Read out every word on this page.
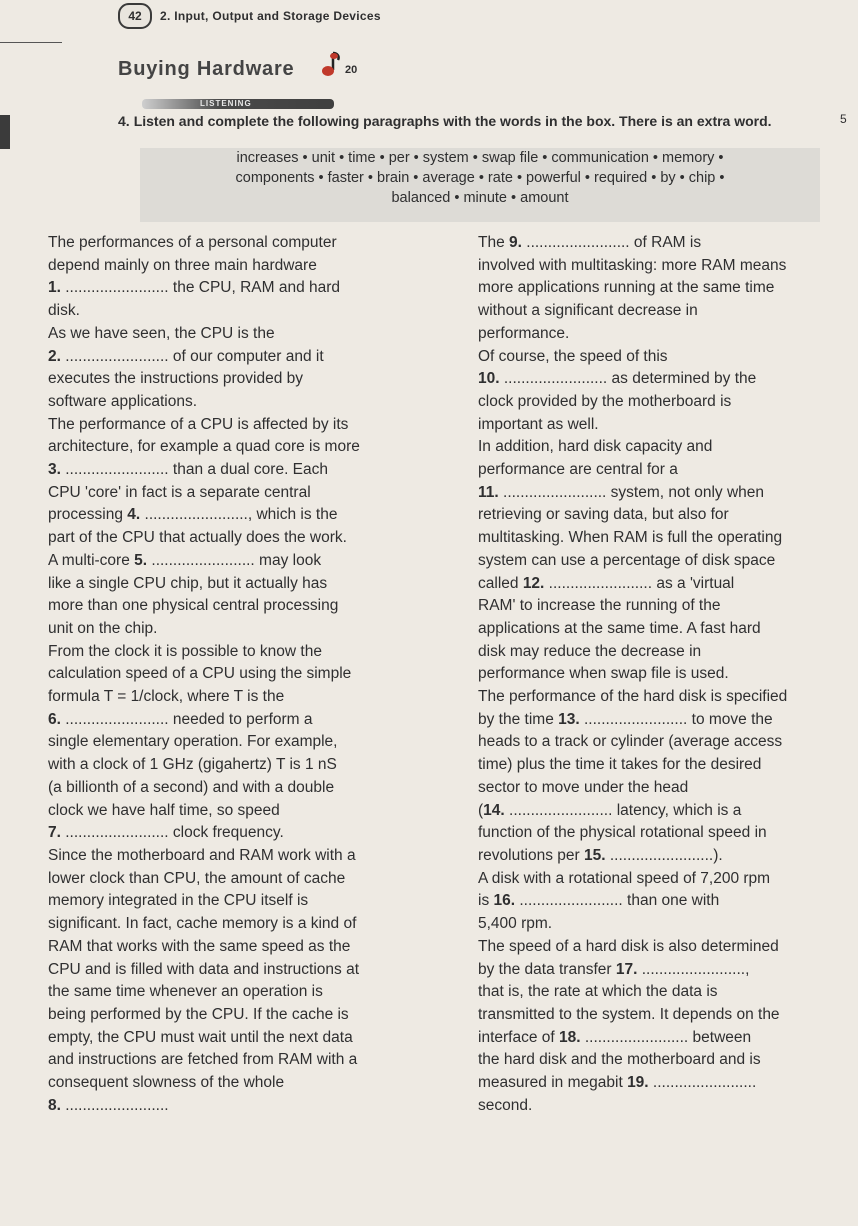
42	2. Input, Output and Storage Devices
Buying Hardware	20
LISTENING
5
4. Listen and complete the following paragraphs with the words in the box. There is an extra word.
increases • unit • time • per • system • swap file • communication • memory •
components • faster • brain • average • rate • powerful • required • by • chip •
balanced • minute • amount
The performances of a personal computer
depend mainly on three main hardware
1. ........................ the CPU, RAM and hard
disk.
As we have seen, the CPU is the
2. ........................ of our computer and it
executes the instructions provided by
software applications.
The performance of a CPU is affected by its
architecture, for example a quad core is more
3. ........................ than a dual core. Each
CPU 'core' in fact is a separate central
processing 4. ........................, which is the
part of the CPU that actually does the work.
A multi-core 5. ........................ may look
like a single CPU chip, but it actually has
more than one physical central processing
unit on the chip.
From the clock it is possible to know the
calculation speed of a CPU using the simple
formula T = 1/clock, where T is the
6. ........................ needed to perform a
single elementary operation. For example,
with a clock of 1 GHz (gigahertz) T is 1 nS
(a billionth of a second) and with a double
clock we have half time, so speed
7. ........................ clock frequency.
Since the motherboard and RAM work with a
lower clock than CPU, the amount of cache
memory integrated in the CPU itself is
significant. In fact, cache memory is a kind of
RAM that works with the same speed as the
CPU and is filled with data and instructions at
the same time whenever an operation is
being performed by the CPU. If the cache is
empty, the CPU must wait until the next data
and instructions are fetched from RAM with a
consequent slowness of the whole
8. ........................
The 9. ........................ of RAM is
involved with multitasking: more RAM means
more applications running at the same time
without a significant decrease in
performance.
Of course, the speed of this
10. ........................ as determined by the
clock provided by the motherboard is
important as well.
In addition, hard disk capacity and
performance are central for a
11. ........................ system, not only when
retrieving or saving data, but also for
multitasking. When RAM is full the operating
system can use a percentage of disk space
called 12. ........................ as a 'virtual
RAM' to increase the running of the
applications at the same time. A fast hard
disk may reduce the decrease in
performance when swap file is used.
The performance of the hard disk is specified
by the time 13. ........................ to move the
heads to a track or cylinder (average access
time) plus the time it takes for the desired
sector to move under the head
(14. ........................ latency, which is a
function of the physical rotational speed in
revolutions per 15. ........................).
A disk with a rotational speed of 7,200 rpm
is 16. ........................ than one with
5,400 rpm.
The speed of a hard disk is also determined
by the data transfer 17. ........................,
that is, the rate at which the data is
transmitted to the system. It depends on the
interface of 18. ........................ between
the hard disk and the motherboard and is
measured in megabit 19. ........................
second.
